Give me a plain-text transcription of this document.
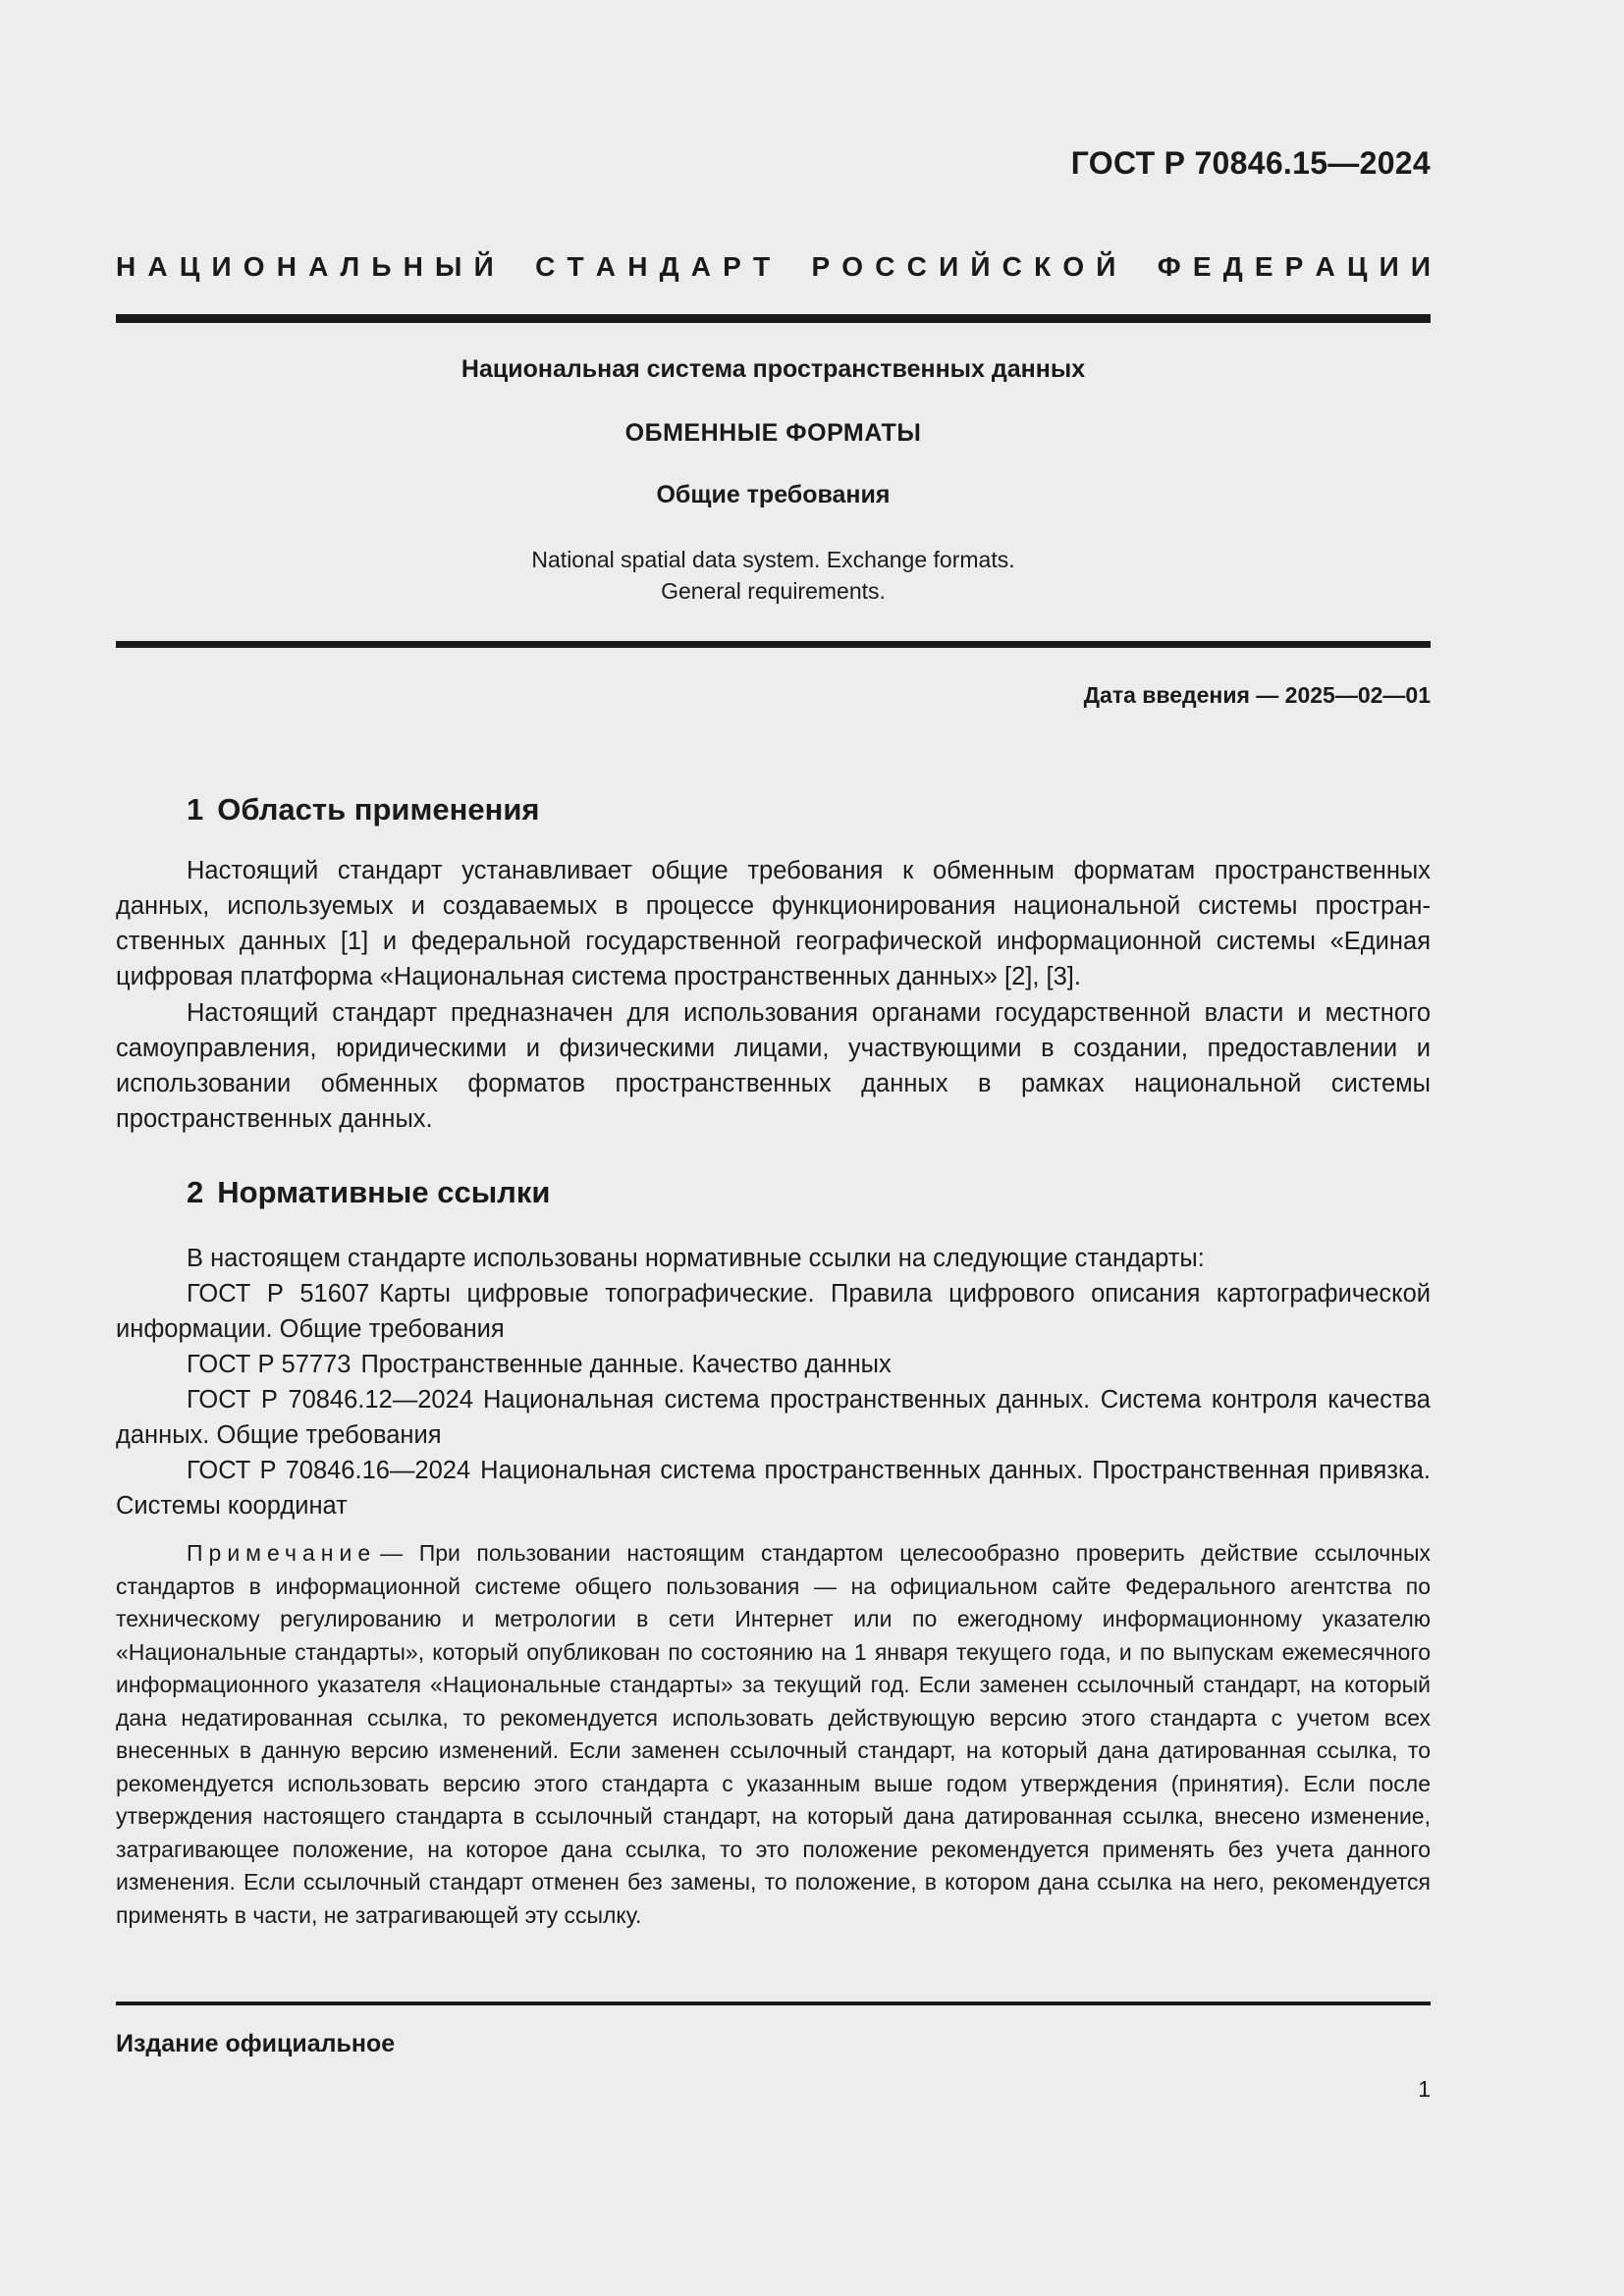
ГОСТ Р 70846.15—2024
Н А Ц И О Н А Л Ь Н Ы Й
С Т А Н Д А Р Т
Р О С С И Й С К О Й
Ф Е Д Е Р А Ц И И
Национальная система пространственных данных
ОБМЕННЫЕ ФОРМАТЫ
Общие требования
National spatial data system. Exchange formats.
General requirements.
Дата введения — 2025—02—01
1 Область применения

Настоящий стандарт устанавливает общие требования к обменным форматам пространственных данных, используемых и создаваемых в процессе функционирования национальной системы пространственных данных [1] и федеральной государственной географической информационной системы «Единая цифровая платформа «Национальная система пространственных данных» [2], [3].

Настоящий стандарт предназначен для использования органами государственной власти и местного самоуправления, юридическими и физическими лицами, участвующими в создании, предоставлении и использовании обменных форматов пространственных данных в рамках национальной системы пространственных данных.

2 Нормативные ссылки

В настоящем стандарте использованы нормативные ссылки на следующие стандарты:

ГОСТ Р 51607 Карты цифровые топографические. Правила цифрового описания картографической информации. Общие требования

ГОСТ Р 57773 Пространственные данные. Качество данных

ГОСТ Р 70846.12—2024 Национальная система пространственных данных. Система контроля качества данных. Общие требования

ГОСТ Р 70846.16—2024 Национальная система пространственных данных. Пространственная привязка. Системы координат

Примечание — При пользовании настоящим стандартом целесообразно проверить действие ссылочных стандартов в информационной системе общего пользования — на официальном сайте Федерального агентства по техническому регулированию и метрологии в сети Интернет или по ежегодному информационному указателю «Национальные стандарты», который опубликован по состоянию на 1 января текущего года, и по выпускам ежемесячного информационного указателя «Национальные стандарты» за текущий год. Если заменен ссылочный стандарт, на который дана недатированная ссылка, то рекомендуется использовать действующую версию этого стандарта с учетом всех внесенных в данную версию изменений. Если заменен ссылочный стандарт, на который дана датированная ссылка, то рекомендуется использовать версию этого стандарта с указанным выше годом утверждения (принятия). Если после утверждения настоящего стандарта в ссылочный стандарт, на который дана датированная ссылка, внесено изменение, затрагивающее положение, на которое дана ссылка, то это положение рекомендуется применять без учета данного изменения. Если ссылочный стандарт отменен без замены, то положение, в котором дана ссылка на него, рекомендуется применять в части, не затрагивающей эту ссылку.

Издание официальное
1
